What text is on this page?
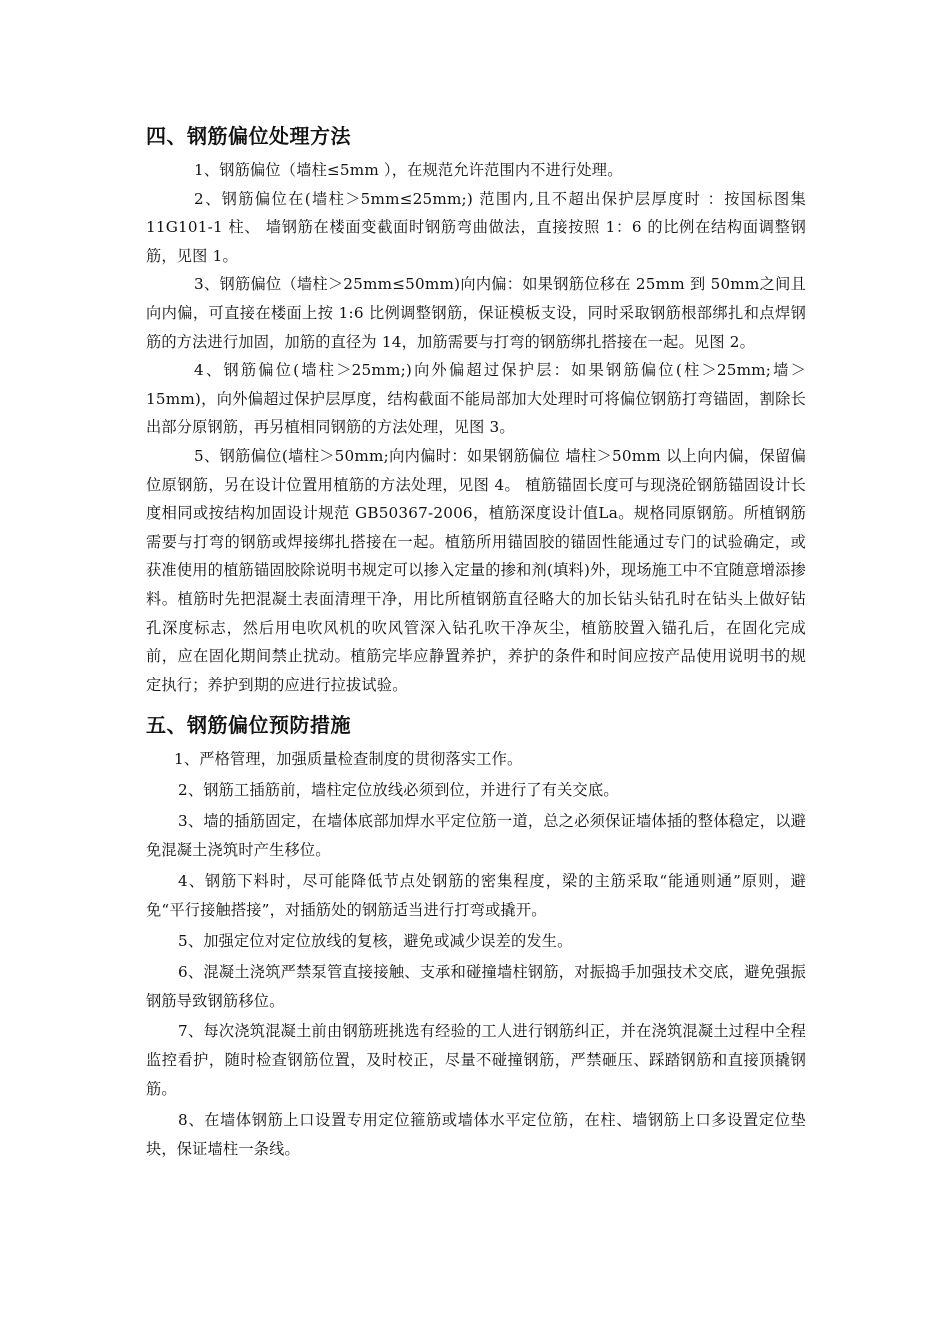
四、钢筋偏位处理方法

1、钢筋偏位（墙柱≤5mm ），在规范允许范围内不进行处理。

2、钢筋偏位在(墙柱＞5mm≤25mm;) 范围内,且不超出保护层厚度时 ：按国标图集 11G101-1 柱、 墙钢筋在楼面变截面时钢筋弯曲做法，直接按照 1：6 的比例在结构面调整钢筋，见图 1。

3、钢筋偏位（墙柱＞25mm≤50mm)向内偏：如果钢筋位移在 25mm 到 50mm之间且向内偏，可直接在楼面上按 1:6 比例调整钢筋，保证模板支设，同时采取钢筋根部绑扎和点焊钢筋的方法进行加固，加筋的直径为 14，加筋需要与打弯的钢筋绑扎搭接在一起。见图 2。

4、钢筋偏位(墙柱＞25mm;)向外偏超过保护层：如果钢筋偏位(柱＞25mm;墙＞15mm)，向外偏超过保护层厚度，结构截面不能局部加大处理时可将偏位钢筋打弯锚固，割除长出部分原钢筋，再另植相同钢筋的方法处理，见图 3。

5、钢筋偏位(墙柱＞50mm;向内偏时：如果钢筋偏位 墙柱＞50mm 以上向内偏，保留偏位原钢筋，另在设计位置用植筋的方法处理，见图 4。 植筋锚固长度可与现浇砼钢筋锚固设计长度相同或按结构加固设计规范 GB50367-2006，植筋深度设计值La。规格同原钢筋。所植钢筋需要与打弯的钢筋或焊接绑扎搭接在一起。植筋所用锚固胶的锚固性能通过专门的试验确定，或获准使用的植筋锚固胶除说明书规定可以掺入定量的掺和剂(填料)外，现场施工中不宜随意增添掺料。植筋时先把混凝土表面清理干净，用比所植钢筋直径略大的加长钻头钻孔时在钻头上做好钻孔深度标志，然后用电吹风机的吹风管深入钻孔吹干净灰尘，植筋胶置入锚孔后，在固化完成前，应在固化期间禁止扰动。植筋完毕应静置养护，养护的条件和时间应按产品使用说明书的规定执行；养护到期的应进行拉拔试验。

五、钢筋偏位预防措施

1、严格管理，加强质量检查制度的贯彻落实工作。

2、钢筋工插筋前，墙柱定位放线必须到位，并进行了有关交底。

3、墙的插筋固定，在墙体底部加焊水平定位筋一道，总之必须保证墙体插的整体稳定，以避免混凝土浇筑时产生移位。

4、钢筋下料时，尽可能降低节点处钢筋的密集程度，梁的主筋采取“能通则通”原则，避免“平行接触搭接”，对插筋处的钢筋适当进行打弯或撬开。

5、加强定位对定位放线的复核，避免或减少误差的发生。

6、混凝土浇筑严禁泵管直接接触、支承和碰撞墙柱钢筋，对振捣手加强技术交底，避免强振钢筋导致钢筋移位。

7、每次浇筑混凝土前由钢筋班挑选有经验的工人进行钢筋纠正，并在浇筑混凝土过程中全程监控看护，随时检查钢筋位置，及时校正，尽量不碰撞钢筋，严禁砸压、踩踏钢筋和直接顶撬钢筋。

8、在墙体钢筋上口设置专用定位箍筋或墙体水平定位筋，在柱、墙钢筋上口多设置定位垫块，保证墙柱一条线。
